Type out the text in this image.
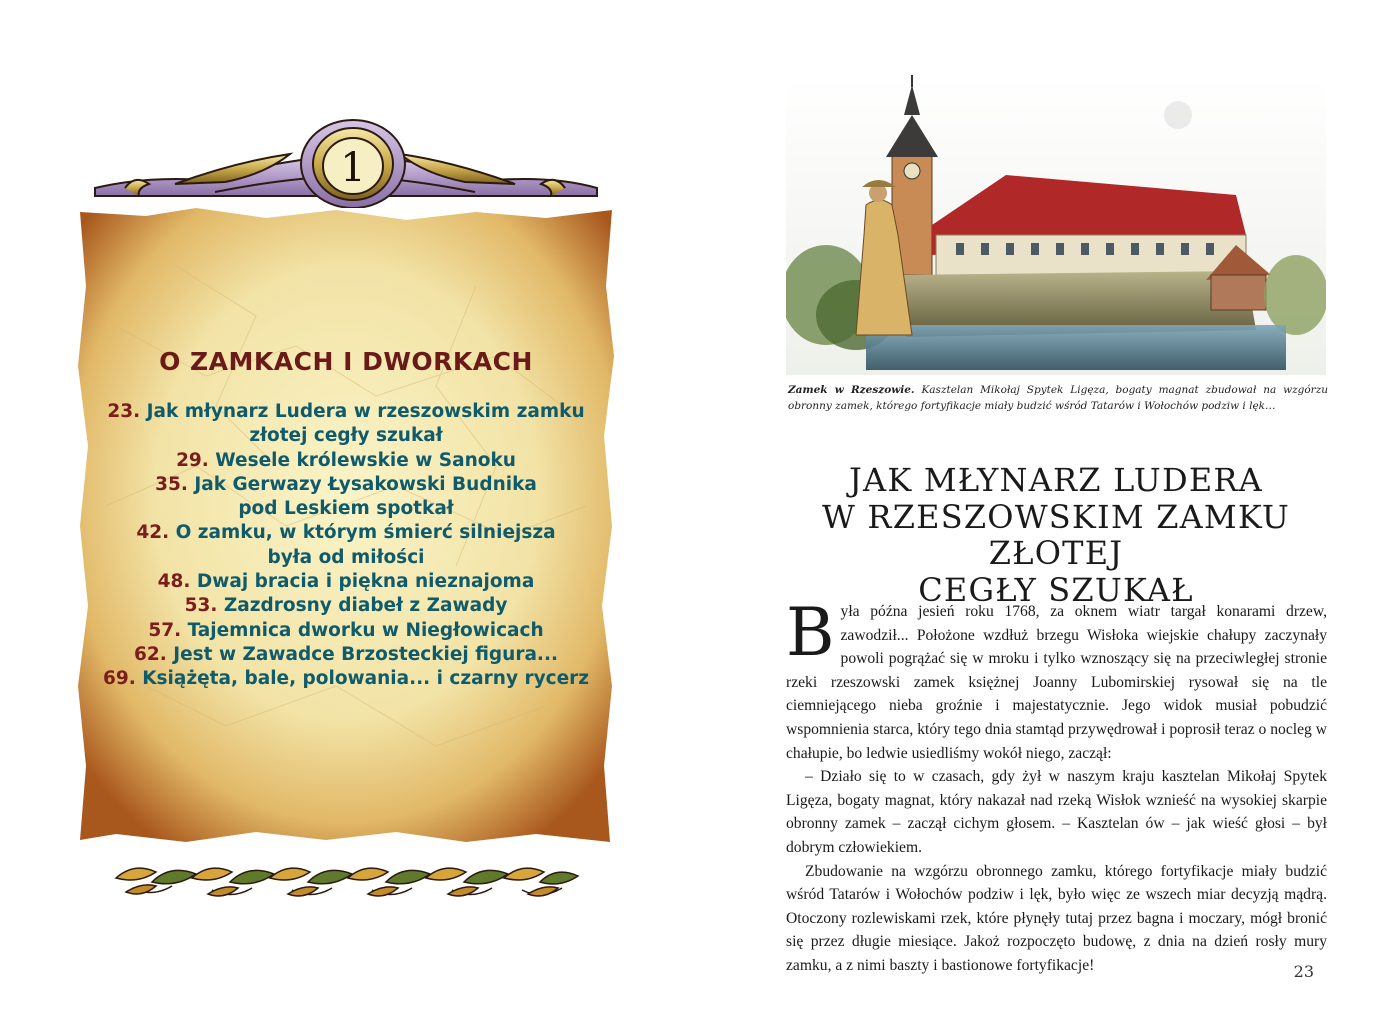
1
O ZAMKACH I DWORKACH
23. Jak młynarz Ludera w rzeszowskim zamku
złotej cegły szukał
29. Wesele królewskie w Sanoku
35. Jak Gerwazy Łysakowski Budnika
pod Leskiem spotkał
42. O zamku, w którym śmierć silniejsza
była od miłości
48. Dwaj bracia i piękna nieznajoma
53. Zazdrosny diabeł z Zawady
57. Tajemnica dworku w Niegłowicach
62. Jest w Zawadce Brzosteckiej figura...
69. Książęta, bale, polowania... i czarny rycerz
Zamek w Rzeszowie. Kasztelan Mikołaj Spytek Ligęza, bogaty magnat zbudował na wzgórzu obronny zamek, którego fortyfikacje miały budzić wśród Tatarów i Wołochów podziw i lęk…
JAK MŁYNARZ LUDERA
W RZESZOWSKIM ZAMKU ZŁOTEJ
CEGŁY SZUKAŁ

Była późna jesień roku 1768, za oknem wiatr targał konarami drzew, zawodził... Położone wzdłuż brzegu Wisłoka wiejskie chałupy zaczynały powoli pogrążać się w mroku i tylko wznoszący się na przeciwległej stronie rzeki rzeszowski zamek księżnej Joanny Lubomirskiej rysował się na tle ciemniejącego nieba groźnie i majestatycznie. Jego widok musiał pobudzić wspomnienia starca, który tego dnia stamtąd przywędrował i poprosił teraz o nocleg w chałupie, bo ledwie usiedliśmy wokół niego, zaczął:

– Działo się to w czasach, gdy żył w naszym kraju kasztelan Mikołaj Spytek Ligęza, bogaty magnat, który nakazał nad rzeką Wisłok wznieść na wysokiej skarpie obronny zamek – zaczął cichym głosem. – Kasztelan ów – jak wieść głosi – był dobrym człowiekiem.

Zbudowanie na wzgórzu obronnego zamku, którego fortyfikacje miały budzić wśród Tatarów i Wołochów podziw i lęk, było więc ze wszech miar decyzją mądrą. Otoczony rozlewiskami rzek, które płynęły tutaj przez bagna i moczary, mógł bronić się przez długie miesiące. Jakoż rozpoczęto budowę, z dnia na dzień rosły mury zamku, a z nimi baszty i bastionowe fortyfikacje!	23
